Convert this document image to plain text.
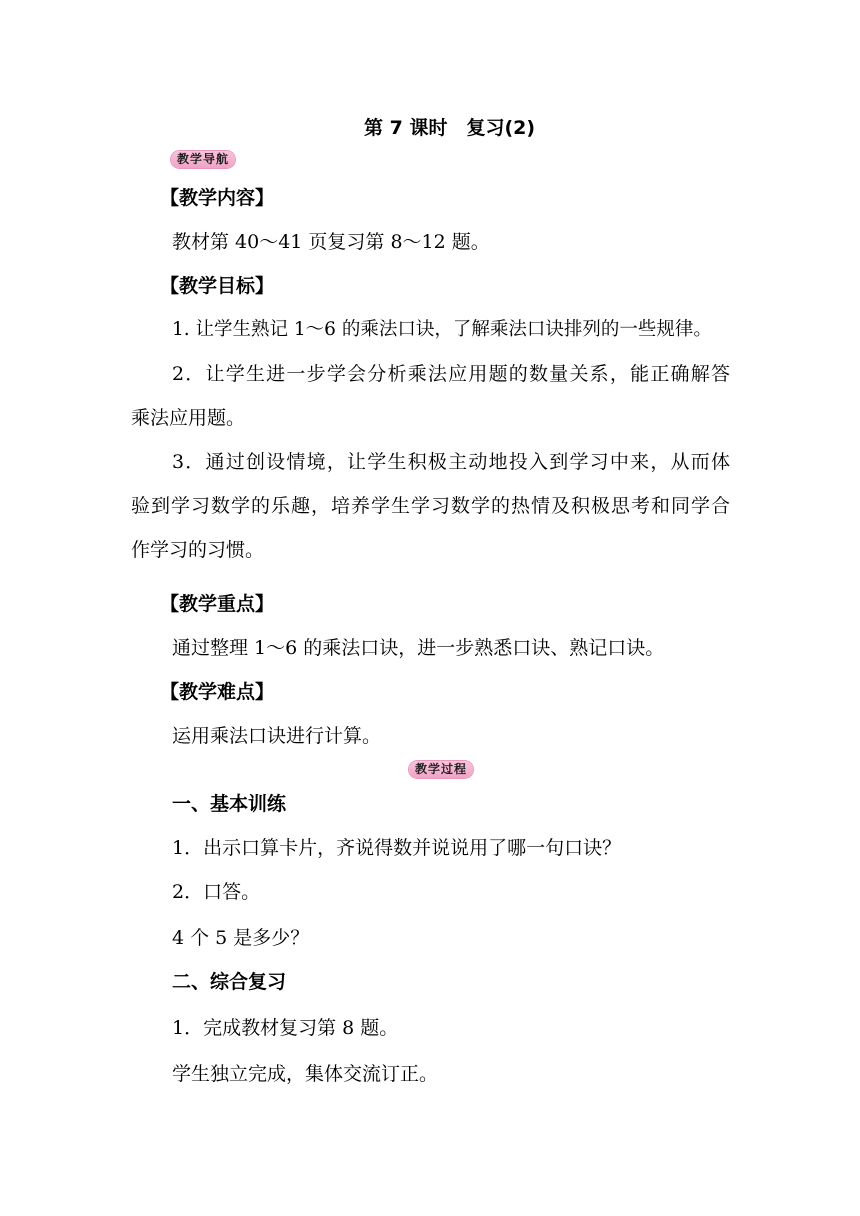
第 7 课时　复习(2)
教学导航
【教学内容】
教材第 40～41 页复习第 8～12 题。
【教学目标】
1. 让学生熟记 1～6 的乘法口诀，了解乘法口诀排列的一些规律。
2．让学生进一步学会分析乘法应用题的数量关系，能正确解答
乘法应用题。
3．通过创设情境，让学生积极主动地投入到学习中来，从而体
验到学习数学的乐趣，培养学生学习数学的热情及积极思考和同学合
作学习的习惯。
【教学重点】
通过整理 1～6 的乘法口诀，进一步熟悉口诀、熟记口诀。
【教学难点】
运用乘法口诀进行计算。
教学过程
一、基本训练
1．出示口算卡片，齐说得数并说说用了哪一句口诀？
2．口答。
4 个 5 是多少？
二、综合复习
1．完成教材复习第 8 题。
学生独立完成，集体交流订正。
